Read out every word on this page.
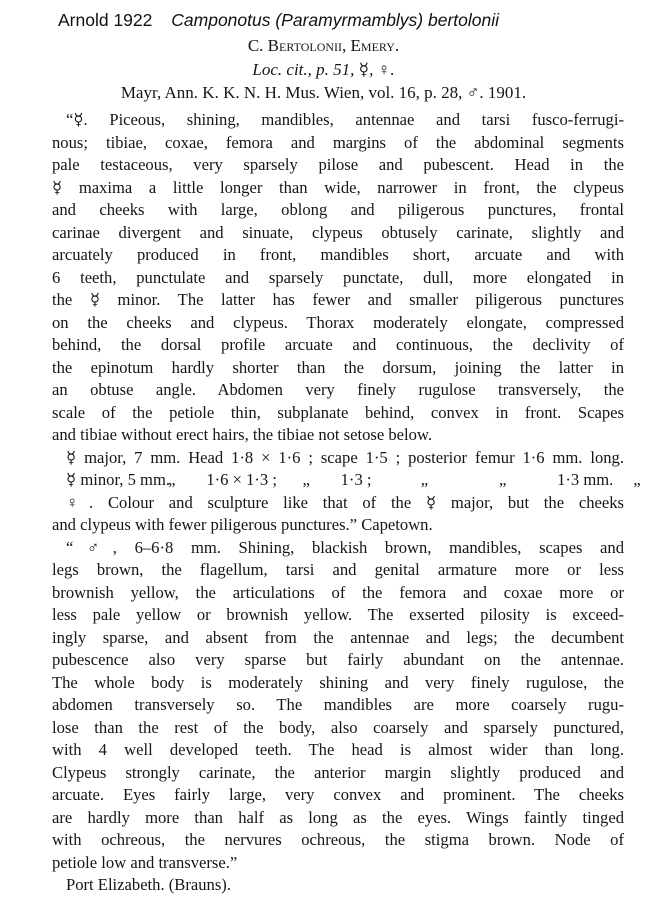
Arnold 1922 Camponotus (Paramyrmamblys) bertolonii
C. Bertolonii, Emery.
Loc. cit., p. 51, ☿, ♀.
Mayr, Ann. K. K. N. H. Mus. Wien, vol. 16, p. 28, ♂. 1901.
“☿. Piceous, shining, mandibles, antennae and tarsi fusco-ferrugi-
nous; tibiae, coxae, femora and margins of the abdominal segments
pale testaceous, very sparsely pilose and pubescent. Head in the
☿ maxima a little longer than wide, narrower in front, the clypeus
and cheeks with large, oblong and piligerous punctures, frontal
carinae divergent and sinuate, clypeus obtusely carinate, slightly and
arcuately produced in front, mandibles short, arcuate and with
6 teeth, punctulate and sparsely punctate, dull, more elongated in
the ☿ minor. The latter has fewer and smaller piligerous punctures
on the cheeks and clypeus. Thorax moderately elongate, compressed
behind, the dorsal profile arcuate and continuous, the declivity of
the epinotum hardly shorter than the dorsum, joining the latter in
an obtuse angle. Abdomen very finely rugulose transversely, the
scale of the petiole thin, subplanate behind, convex in front. Scapes
and tibiae without erect hairs, the tibiae not setose below.
☿ major, 7 mm. Head 1·8 × 1·6 ; scape 1·5 ; posterior femur 1·6 mm. long.
☿ minor, 5 mm. „ 1·6 × 1·3 ; „ 1·3 ;	„	„	1·3 mm. „
♀. Colour and sculpture like that of the ☿ major, but the cheeks
and clypeus with fewer piligerous punctures.” Capetown.
“♂, 6–6·8 mm. Shining, blackish brown, mandibles, scapes and
legs brown, the flagellum, tarsi and genital armature more or less
brownish yellow, the articulations of the femora and coxae more or
less pale yellow or brownish yellow. The exserted pilosity is exceed-
ingly sparse, and absent from the antennae and legs; the decumbent
pubescence also very sparse but fairly abundant on the antennae.
The whole body is moderately shining and very finely rugulose, the
abdomen transversely so. The mandibles are more coarsely rugu-
lose than the rest of the body, also coarsely and sparsely punctured,
with 4 well developed teeth. The head is almost wider than long.
Clypeus strongly carinate, the anterior margin slightly produced and
arcuate. Eyes fairly large, very convex and prominent. The cheeks
are hardly more than half as long as the eyes. Wings faintly tinged
with ochreous, the nervures ochreous, the stigma brown. Node of
petiole low and transverse.”
Port Elizabeth. (Brauns).
